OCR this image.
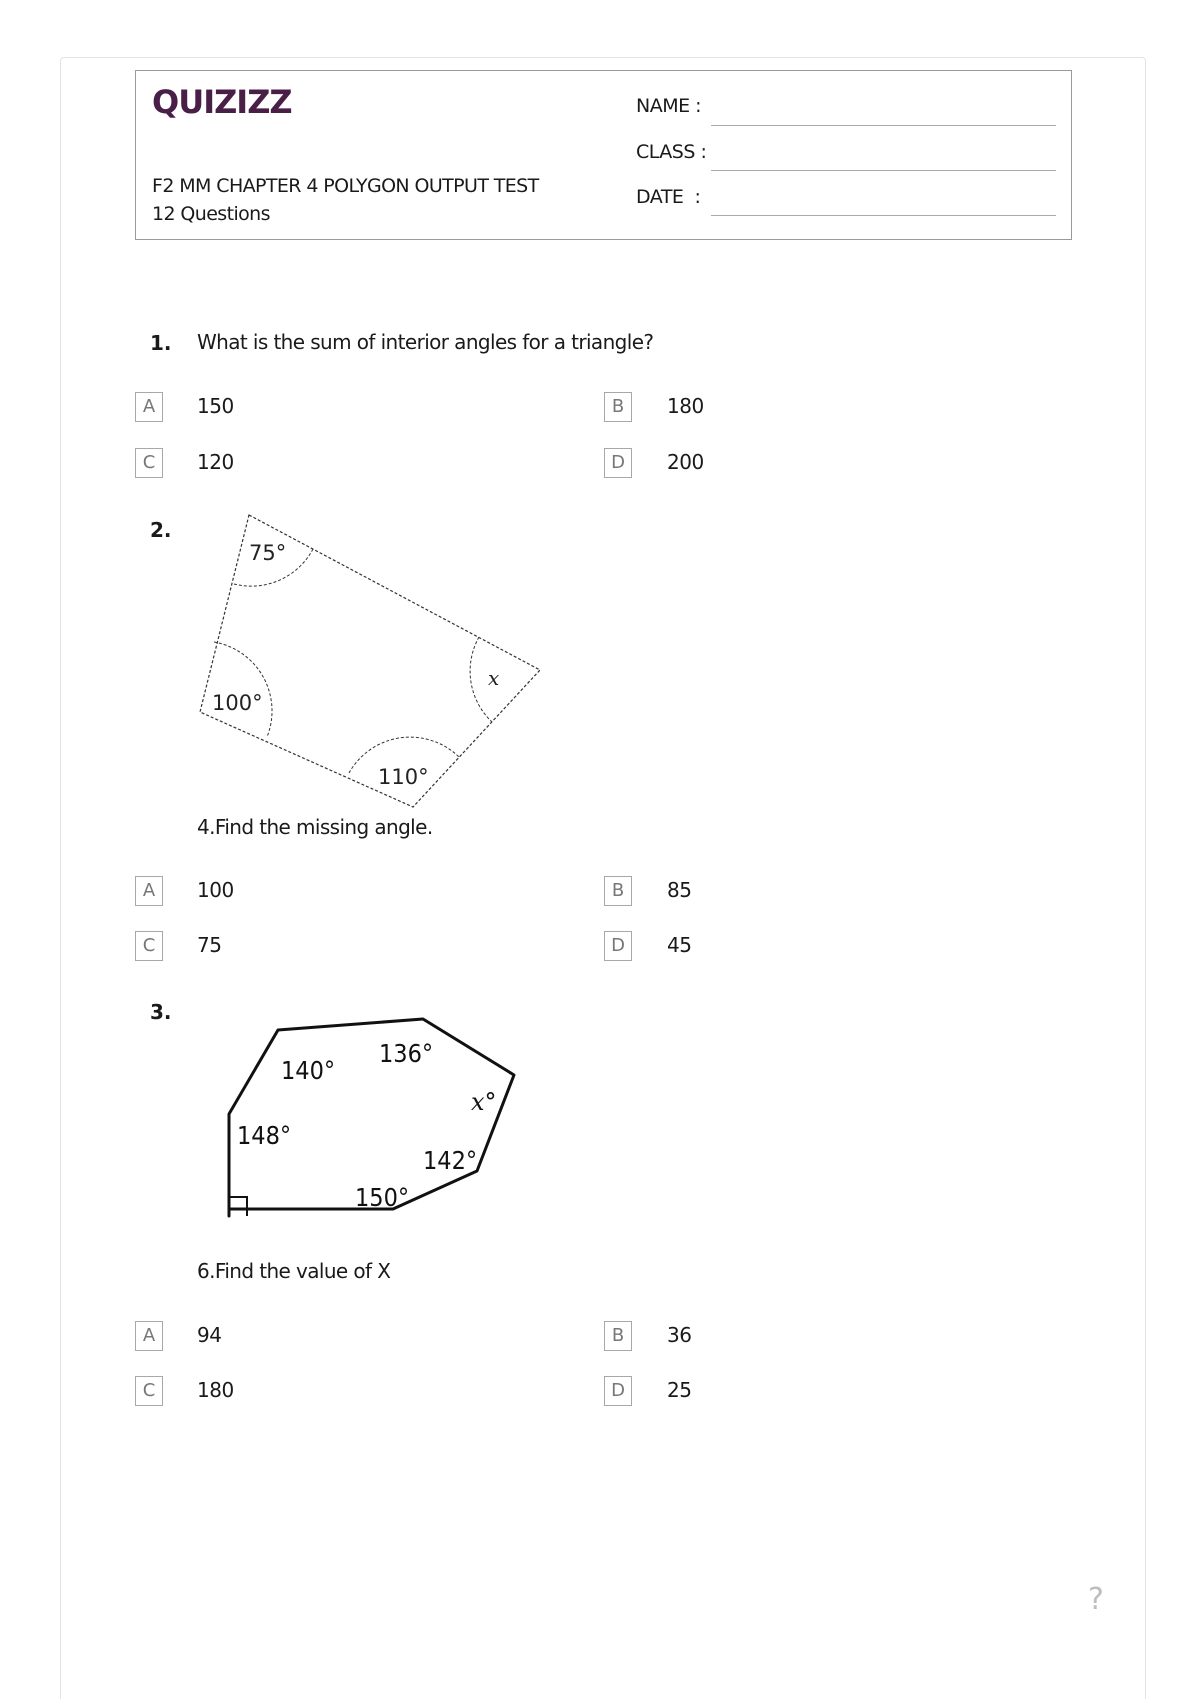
QUIZIZZ
F2 MM CHAPTER 4 POLYGON OUTPUT TEST
12 Questions
NAME :
CLASS :
DATE  :
1. What is the sum of interior angles for a triangle?
A	150	B	180
C	120	D	200
2.
75°
100°
110°
x
4.Find the missing angle.
A	100	B	85
C	75	D	45
3.
140°
136°
x°
148°
142°
150°
6.Find the value of X
A	94	B	36
C	180	D	25
?
